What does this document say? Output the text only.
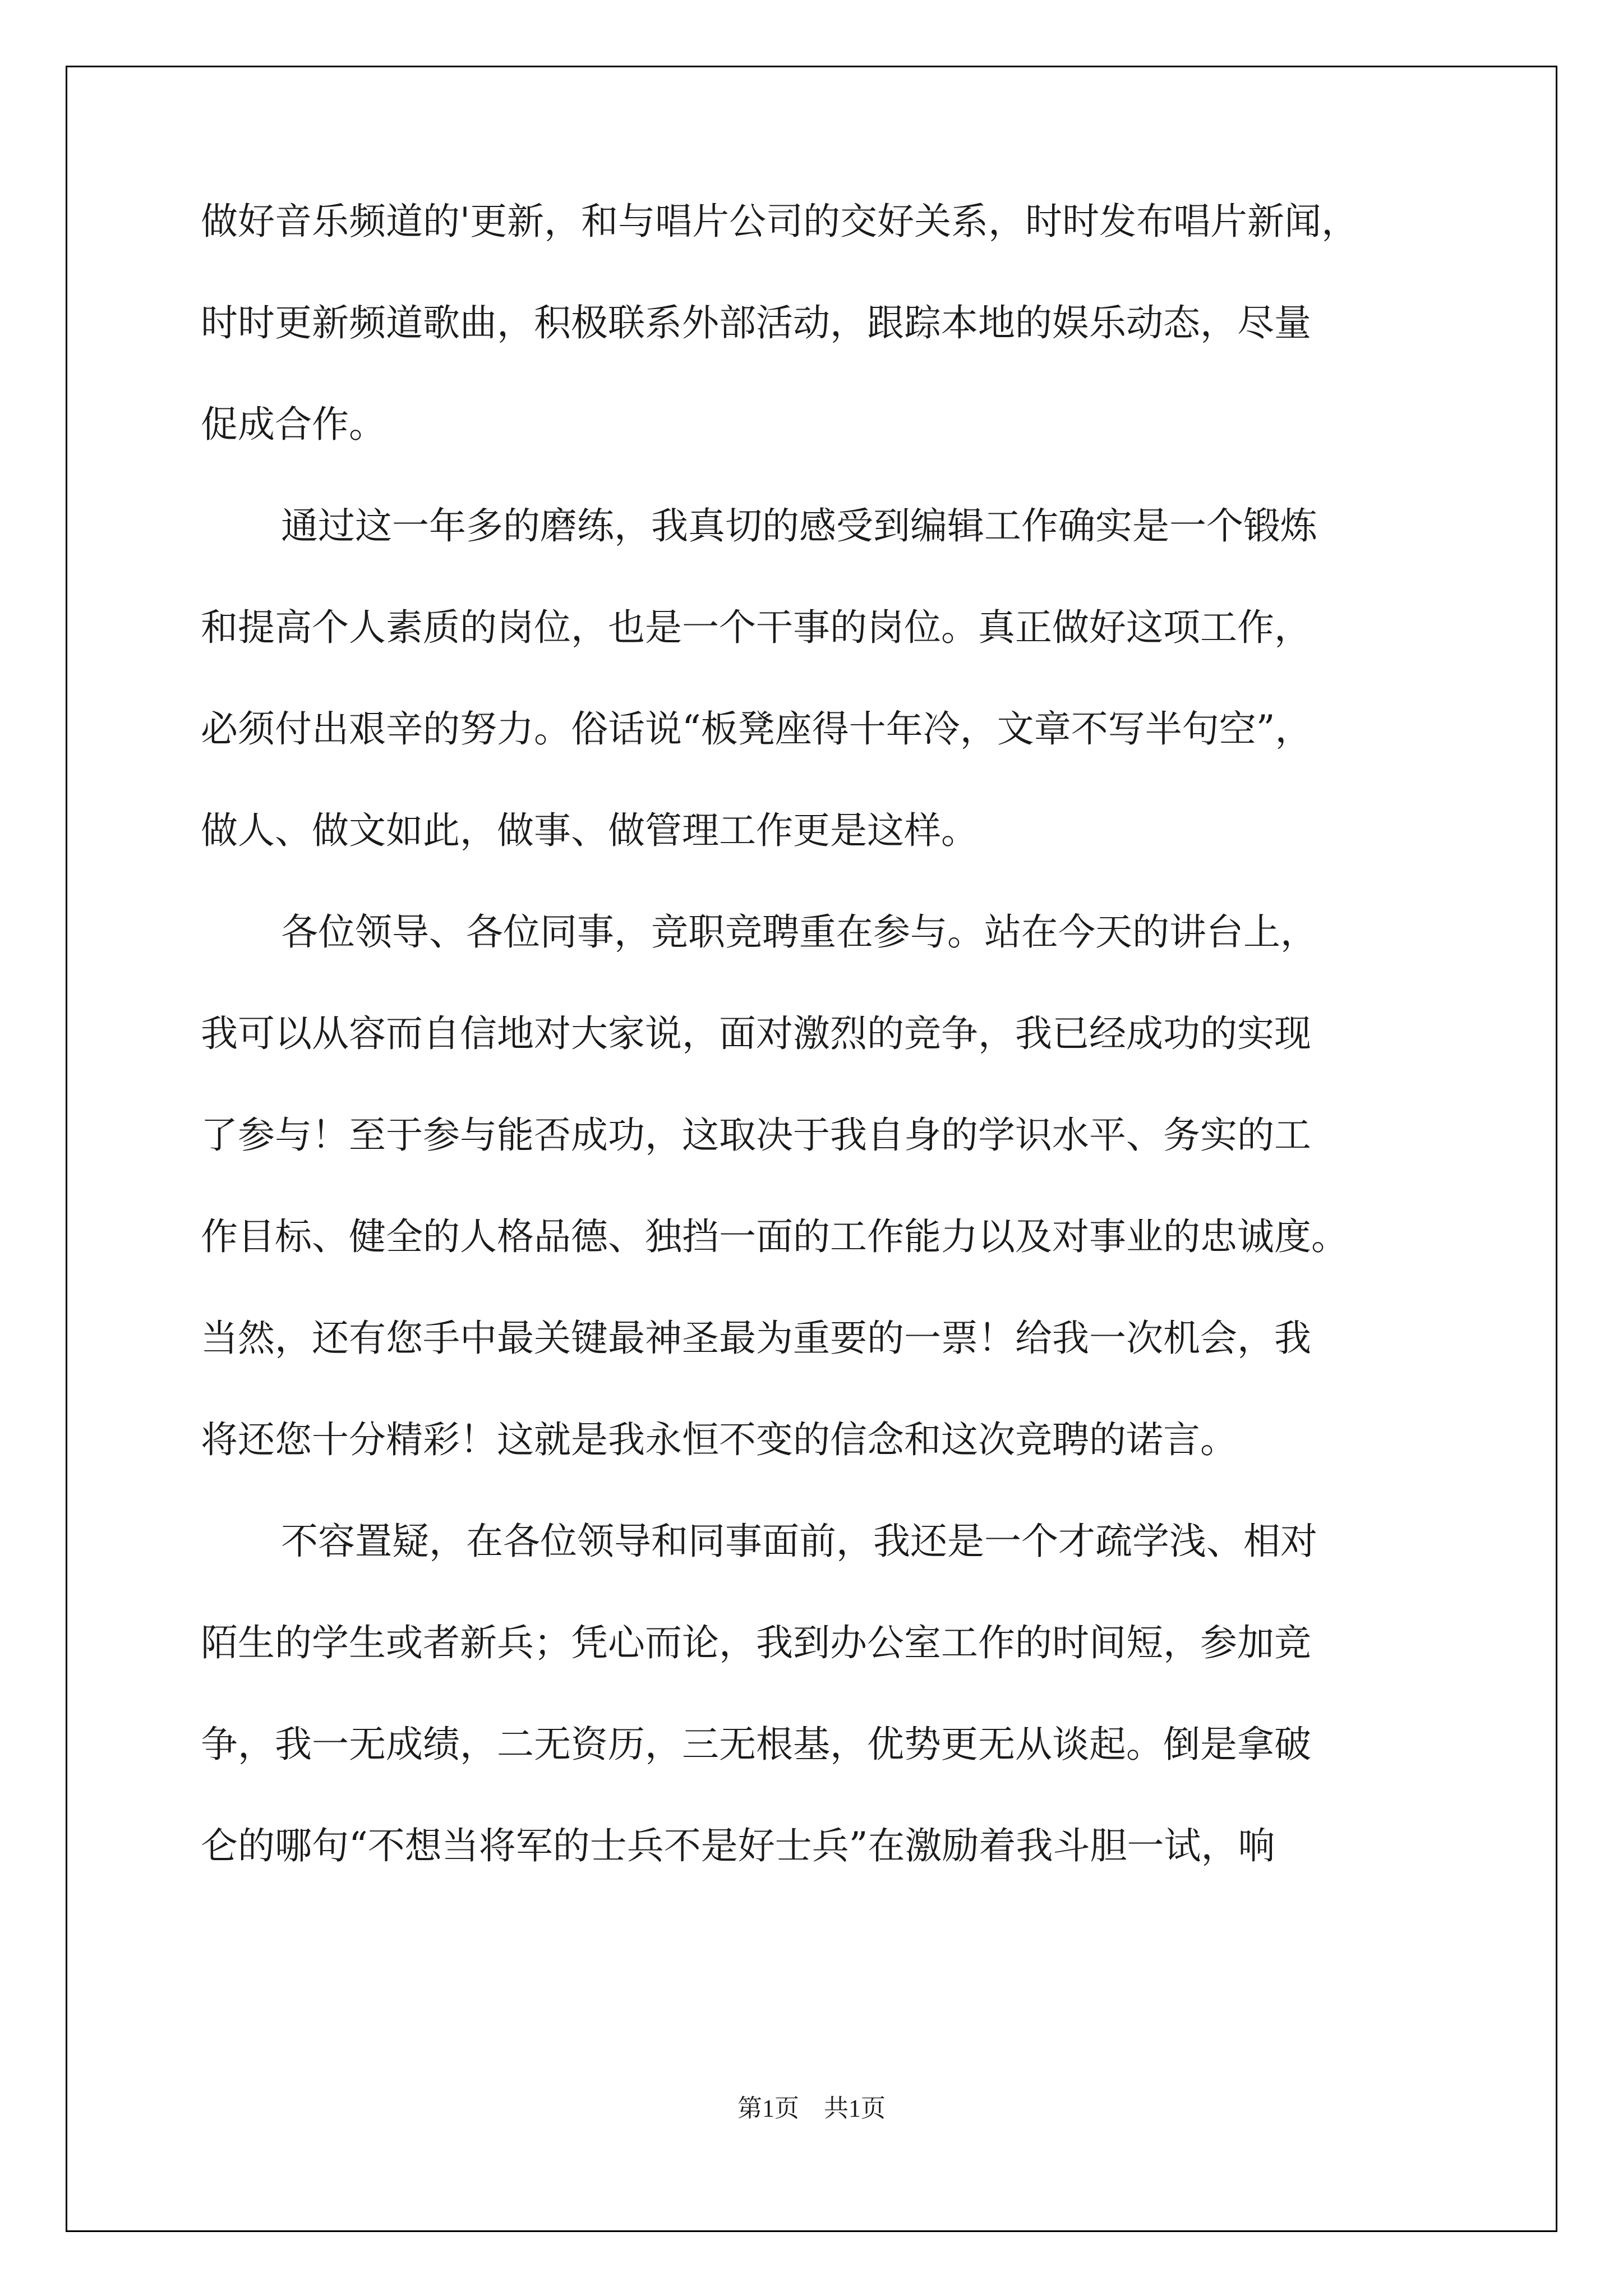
做好音乐频道的'更新，和与唱片公司的交好关系，时时发布唱片新闻，
时时更新频道歌曲，积极联系外部活动，跟踪本地的娱乐动态，尽量
促成合作。
通过这一年多的磨练，我真切的感受到编辑工作确实是一个锻炼
和提高个人素质的岗位，也是一个干事的岗位。真正做好这项工作，
必须付出艰辛的努力。俗话说“板凳座得十年冷，文章不写半句空”，
做人、做文如此，做事、做管理工作更是这样。
各位领导、各位同事，竞职竞聘重在参与。站在今天的讲台上，
我可以从容而自信地对大家说，面对激烈的竞争，我已经成功的实现
了参与！至于参与能否成功，这取决于我自身的学识水平、务实的工
作目标、健全的人格品德、独挡一面的工作能力以及对事业的忠诚度。
当然，还有您手中最关键最神圣最为重要的一票！给我一次机会，我
将还您十分精彩！这就是我永恒不变的信念和这次竞聘的诺言。
不容置疑，在各位领导和同事面前，我还是一个才疏学浅、相对
陌生的学生或者新兵；凭心而论，我到办公室工作的时间短，参加竞
争，我一无成绩，二无资历，三无根基，优势更无从谈起。倒是拿破
仑的哪句“不想当将军的士兵不是好士兵”在激励着我斗胆一试，响
第1页　共1页
